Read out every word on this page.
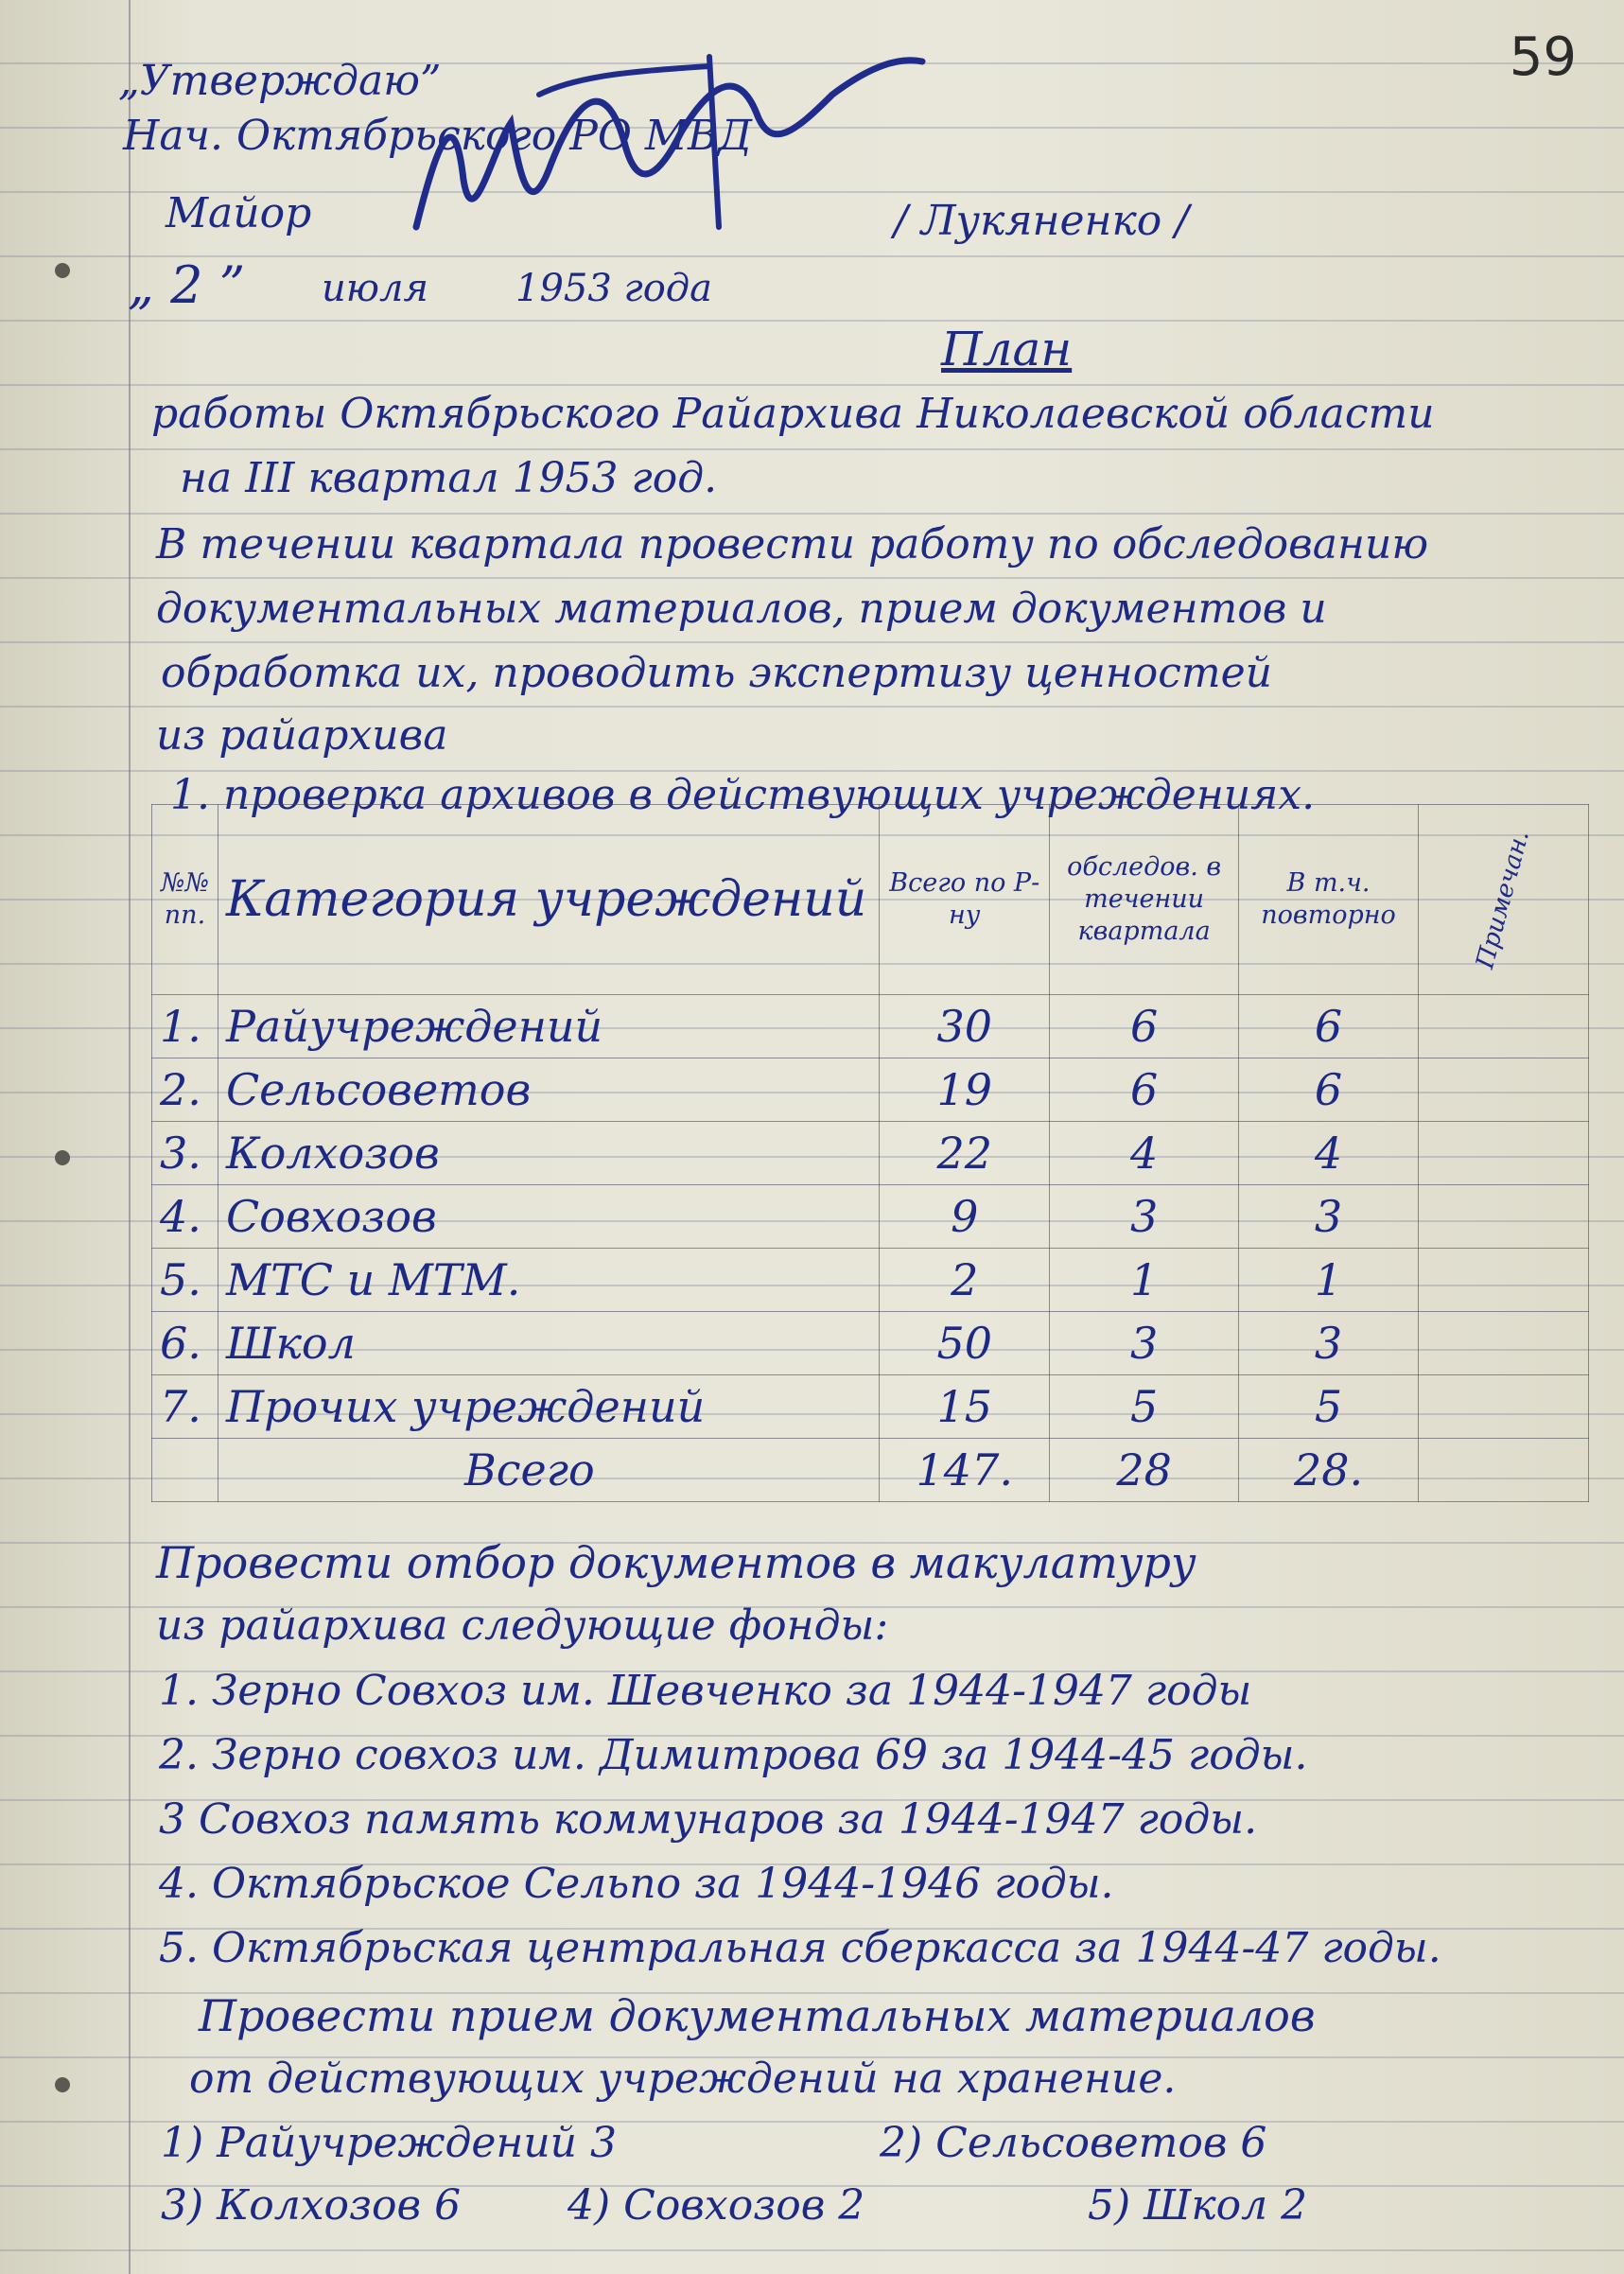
59
„Утверждаю”
Нач. Октябрьского РО МВД
Майор	/ Лукяненко /
„ 2 ” июля 1953 года
План
работы Октябрьского Райархива Николаевской области
на III квартал 1953 год.
В течении квартала провести работу по обследованию
документальных материалов, прием документов и
обработка их, проводить экспертизу ценностей
из райархива
1. проверка архивов в действующих учреждениях.
№№ пп.	Категория учреждений	Всего по Р-ну	обследов. в течении квартала	В т.ч. повторно	Примечан.
1.	Райучреждений	30	6	6	
2.	Сельсоветов	19	6	6	
3.	Колхозов	22	4	4	
4.	Совхозов	9	3	3	
5.	МТС и МТМ.	2	1	1	
6.	Школ	50	3	3	
7.	Прочих учреждений	15	5	5	
	Всего	147.	28	28.	
Провести отбор документов в макулатуру
из райархива следующие фонды:
1. Зерно Совхоз им. Шевченко за 1944-1947 годы
2. Зерно совхоз им. Димитрова 69 за 1944-45 годы.
3 Совхоз память коммунаров за 1944-1947 годы.
4. Октябрьское Сельпо за 1944-1946 годы.
5. Октябрьская центральная сберкасса за 1944-47 годы.
Провести прием документальных материалов
от действующих учреждений на хранение.
1) Райучреждений 3	2) Сельсоветов 6
3) Колхозов 6	4) Совхозов 2	5) Школ 2
